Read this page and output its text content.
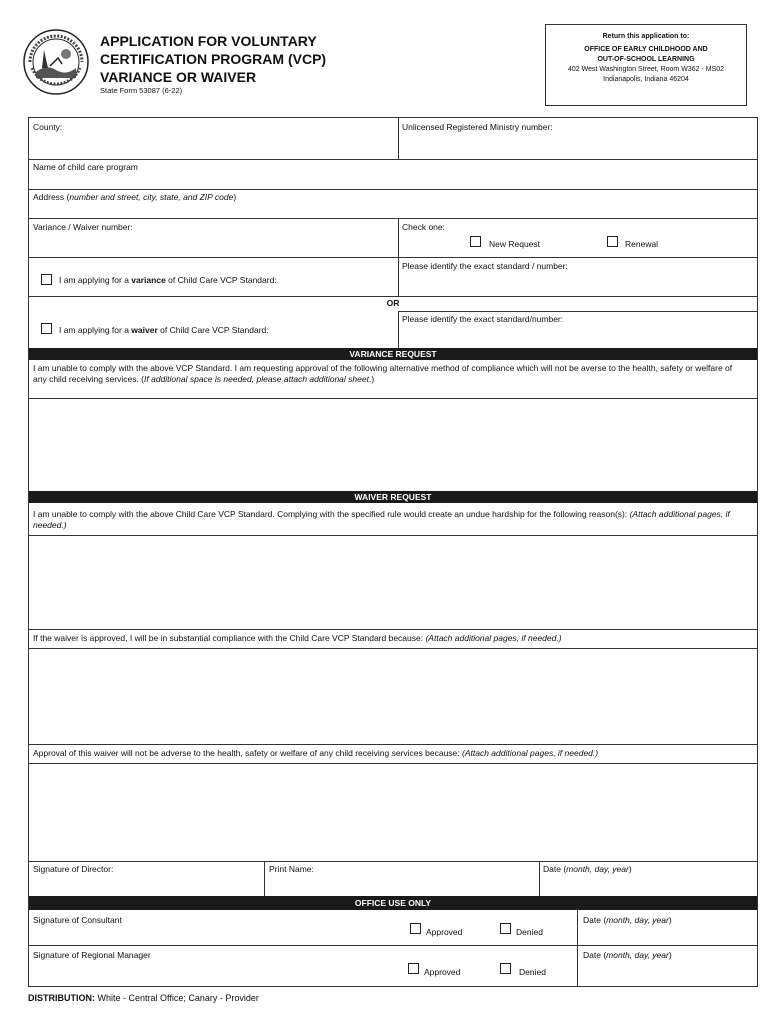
APPLICATION FOR VOLUNTARY
CERTIFICATION PROGRAM (VCP)
VARIANCE OR WAIVER
State Form 53087 (6-22)
Return this application to:
OFFICE OF EARLY CHILDHOOD AND
OUT-OF-SCHOOL LEARNING
402 West Washington Street, Room W362 - MS02
Indianapolis, Indiana 46204
County:	Unlicensed Registered Ministry number:
Name of child care program
Address (number and street, city, state, and ZIP code)
Variance / Waiver number:	Check one:
New Request	Renewal
I am applying for a variance of Child Care VCP Standard:
Please identify the exact standard / number:
OR
I am applying for a waiver of Child Care VCP Standard:
Please identify the exact standard/number:
VARIANCE REQUEST
I am unable to comply with the above VCP Standard. I am requesting approval of the following alternative method of compliance which will not be averse to the health, safety or welfare of any child receiving services. (If additional space is needed, please attach additional sheet.)
WAIVER REQUEST
I am unable to comply with the above Child Care VCP Standard. Complying with the specified rule would create an undue hardship for the following reason(s): (Attach additional pages, if needed.)
If the waiver is approved, I will be in substantial compliance with the Child Care VCP Standard because: (Attach additional pages, if needed.)
Approval of this waiver will not be adverse to the health, safety or welfare of any child receiving services because: (Attach additional pages, if needed.)
Signature of Director:	Print Name:	Date (month, day, year)
OFFICE USE ONLY
Signature of Consultant
Approved	Denied
Date (month, day, year)
Signature of Regional Manager
Approved	Denied
Date (month, day, year)
DISTRIBUTION: White - Central Office; Canary - Provider
